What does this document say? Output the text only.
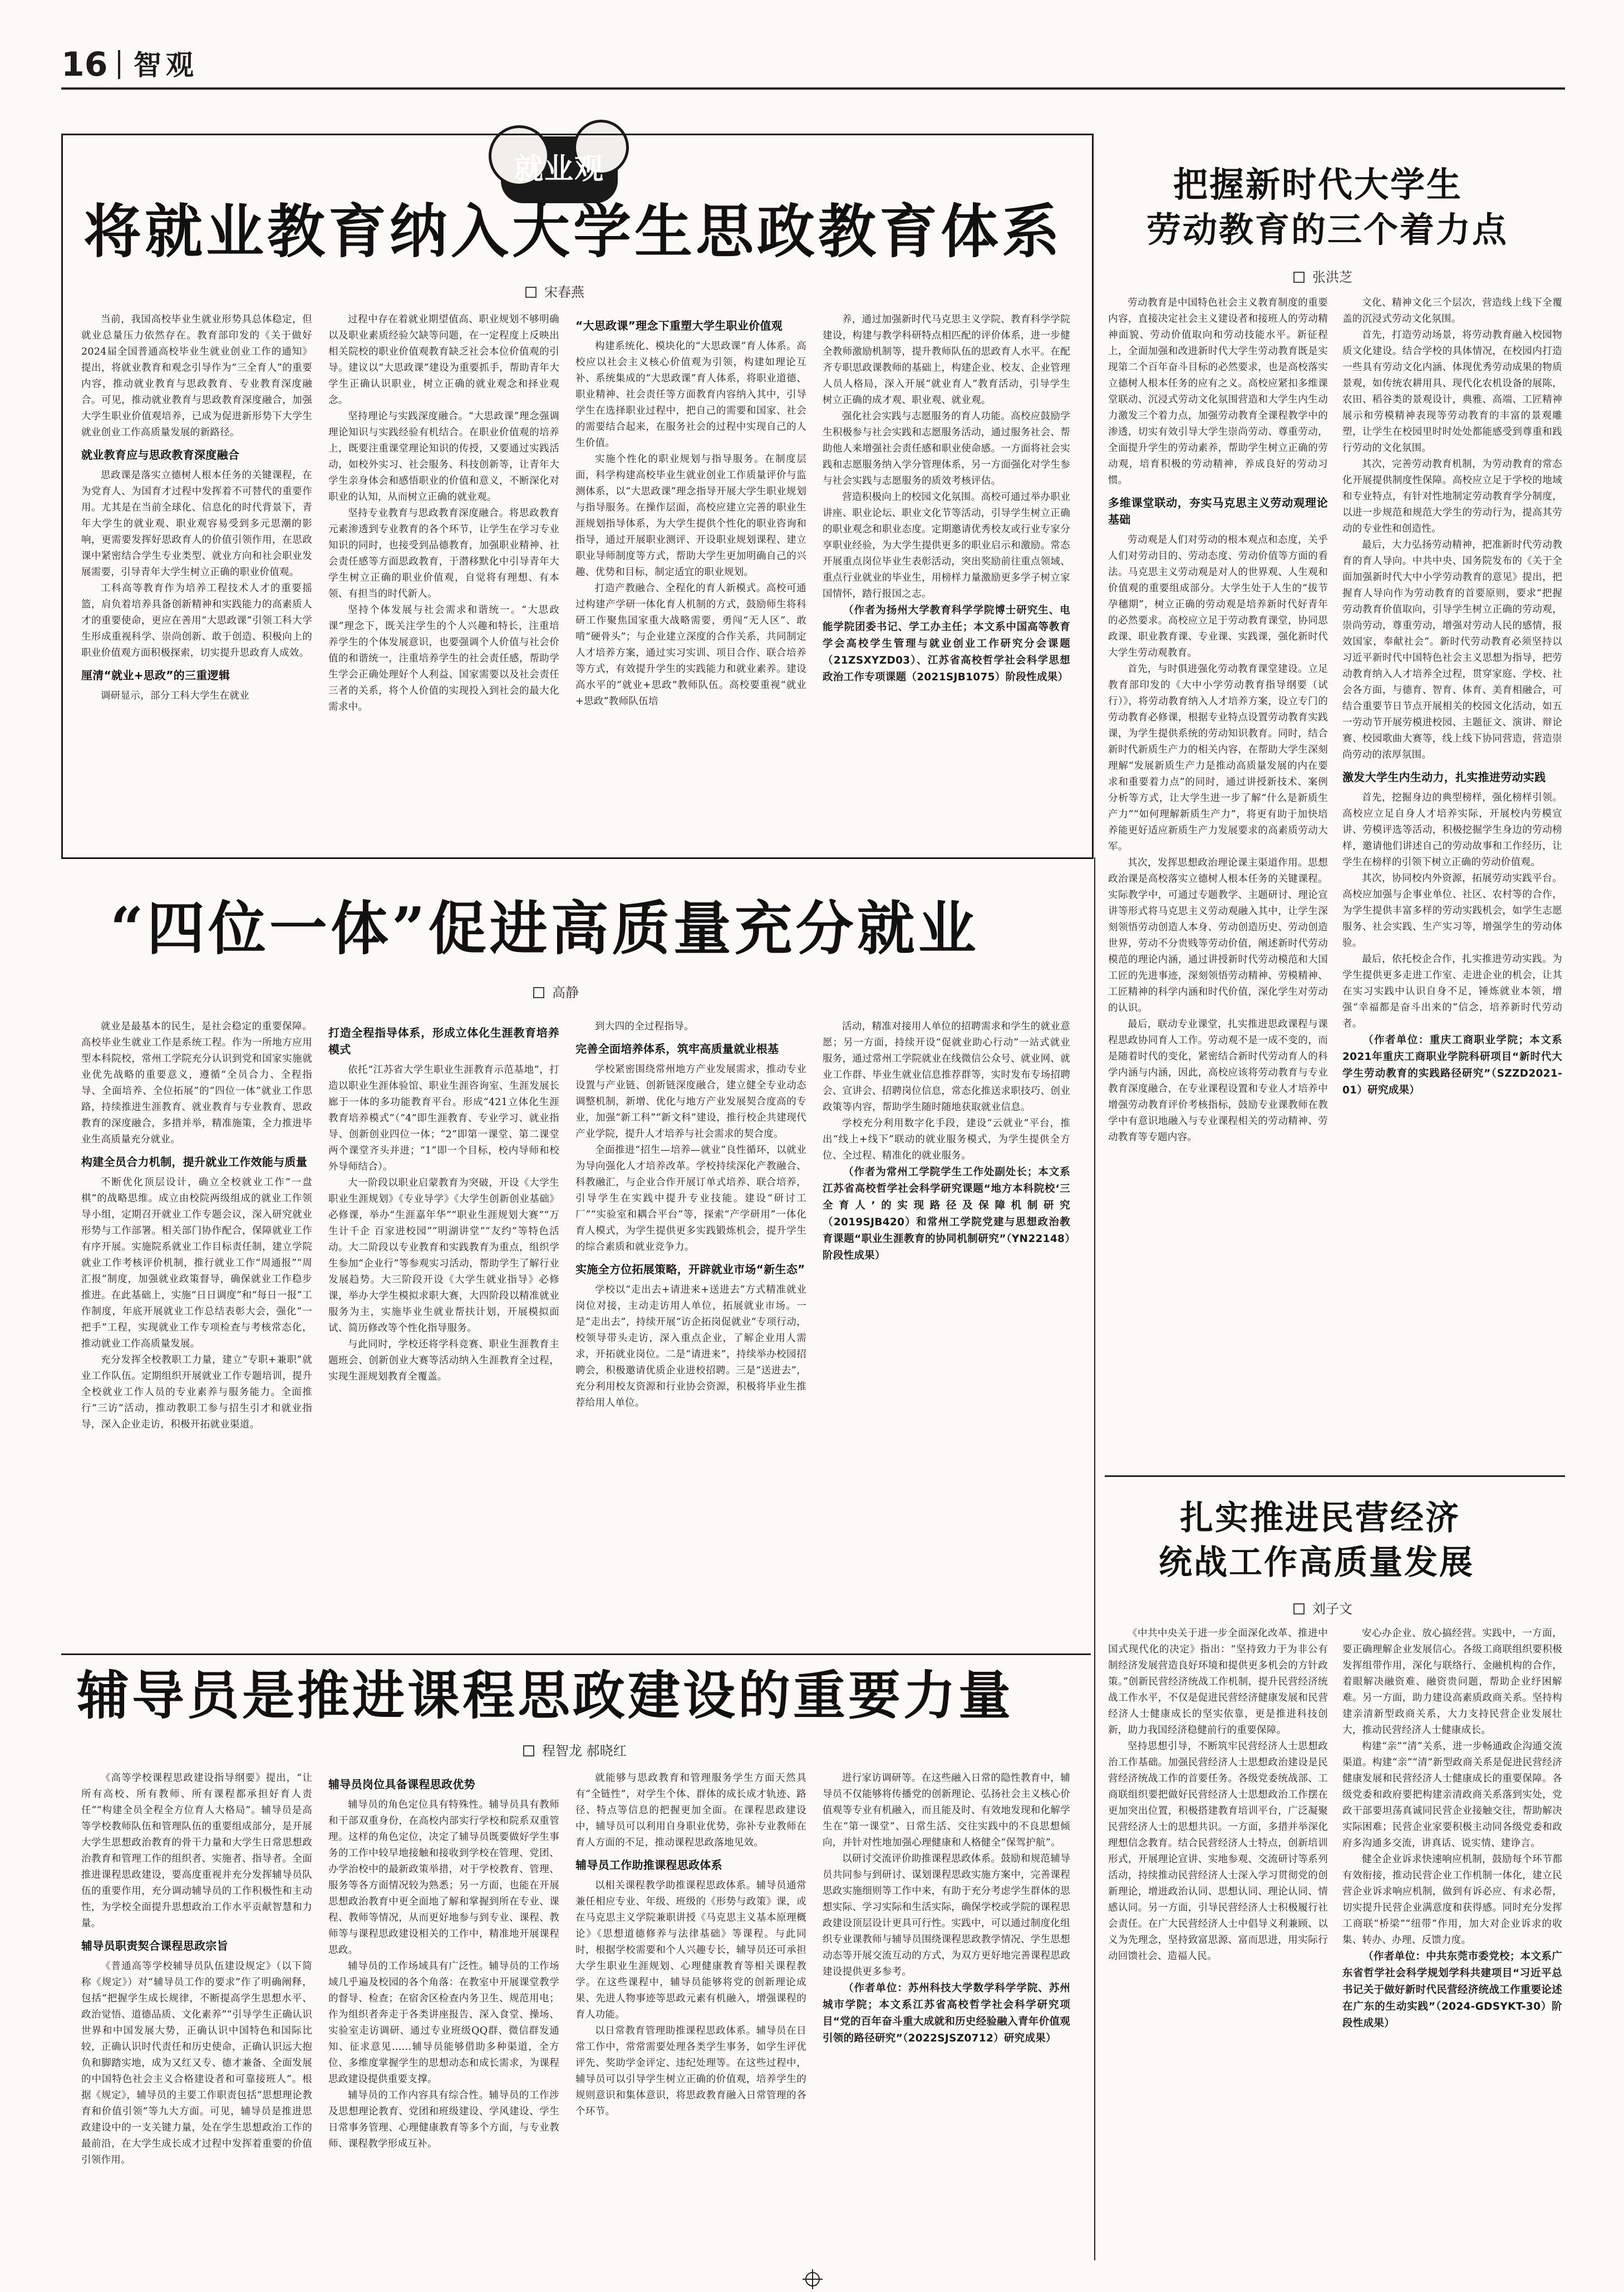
16 智观
就业观
将就业教育纳入大学生思政教育体系
宋春燕

当前，我国高校毕业生就业形势具总体稳定，但就业总量压力依然存在。教育部印发的《关于做好2024届全国普通高校毕业生就业创业工作的通知》提出，将就业教育和观念引导作为“三全育人”的重要内容，推动就业教育与思政教育、专业教育深度融合。可见，推动就业教育与思政教育深度融合，加强大学生职业价值观培养，已成为促进新形势下大学生就业创业工作高质量发展的新路径。

就业教育应与思政教育深度融合

思政课是落实立德树人根本任务的关键课程，在为党育人、为国育才过程中发挥着不可替代的重要作用。尤其是在当前全球化、信息化的时代背景下，青年大学生的就业观、职业观容易受到多元思潮的影响，更需要发挥好思政育人的价值引领作用，在思政课中紧密结合学生专业类型、就业方向和社会职业发展需要，引导青年大学生树立正确的职业价值观。

工科高等教育作为培养工程技术人才的重要摇篮，肩负着培养具备创新精神和实践能力的高素质人才的重要使命，更应在善用“大思政课”引领工科大学生形成重视科学、崇尚创新、敢于创造、积极向上的职业价值观方面积极探索，切实提升思政育人成效。

厘清“就业+思政”的三重逻辑

调研显示，部分工科大学生在就业

过程中存在着就业期望值高、职业规划不够明确以及职业素质经验欠缺等问题，在一定程度上反映出相关院校的职业价值观教育缺乏社会本位价值观的引导。建议以“大思政课”建设为重要抓手，帮助青年大学生正确认识职业，树立正确的就业观念和择业观念。

坚持理论与实践深度融合。“大思政课”理念强调理论知识与实践经验有机结合。在职业价值观的培养上，既要注重课堂理论知识的传授，又要通过实践活动，如校外实习、社会服务、科技创新等，让青年大学生亲身体会和感悟职业的价值和意义，不断深化对职业的认知，从而树立正确的就业观。

坚持专业教育与思政教育深度融合。将思政教育元素渗透到专业教育的各个环节，让学生在学习专业知识的同时，也接受到品德教育，加强职业精神、社会责任感等方面思政教育，于潜移默化中引导青年大学生树立正确的职业价值观，自觉将有理想、有本领、有担当的时代新人。

坚持个体发展与社会需求和谐统一。“大思政课”理念下，既关注学生的个人兴趣和特长，注重培养学生的个体发展意识，也要强调个人价值与社会价值的和谐统一，注重培养学生的社会责任感，帮助学生学会正确处理好个人利益、国家需要以及社会责任三者的关系，将个人价值的实现投入到社会的最大化需求中。

“大思政课”理念下重塑大学生职业价值观

构建系统化、模块化的“大思政课”育人体系。高校应以社会主义核心价值观为引领，构建如理论互补、系统集成的“大思政课”育人体系，将职业道德、职业精神、社会责任等方面教育内容纳入其中，引导学生在选择职业过程中，把自己的需要和国家、社会的需要结合起来，在服务社会的过程中实现自己的人生价值。

实施个性化的职业规划与指导服务。在制度层面，科学构建高校毕业生就业创业工作质量评价与监测体系，以“大思政课”理念指导开展大学生职业规划与指导服务。在操作层面，高校应建立完善的职业生涯规划指导体系，为大学生提供个性化的职业咨询和指导，通过开展职业测评、开设职业规划课程、建立职业导师制度等方式，帮助大学生更加明确自己的兴趣、优势和目标，制定适宜的职业规划。

打造产教融合、全程化的育人新模式。高校可通过构建产学研一体化育人机制的方式，鼓励师生将科研工作聚焦国家重大战略需要，勇闯“无人区”、敢啃“硬骨头”；与企业建立深度的合作关系，共同制定人才培养方案，通过实习实训、项目合作、联合培养等方式，有效提升学生的实践能力和就业素养。建设高水平的“就业+思政”教师队伍。高校要重视“就业+思政”教师队伍培

养，通过加强新时代马克思主义学院、教育科学学院建设，构建与教学科研特点相匹配的评价体系，进一步健全教师激励机制等，提升教师队伍的思政育人水平。在配齐专职思政课教师的基础上，构建企业、校友、企业管理人员人格局，深入开展“就业育人”教育活动，引导学生树立正确的成才观、职业观、就业观。

强化社会实践与志愿服务的育人功能。高校应鼓励学生积极参与社会实践和志愿服务活动，通过服务社会、帮助他人来增强社会责任感和职业使命感。一方面将社会实践和志愿服务纳入学分管理体系，另一方面强化对学生参与社会实践与志愿服务的质效考核评估。

营造积极向上的校园文化氛围。高校可通过举办职业讲座、职业论坛、职业文化节等活动，引导学生树立正确的职业观念和职业态度。定期邀请优秀校友或行业专家分享职业经验，为大学生提供更多的职业启示和激励。常态开展重点岗位毕业生表彰活动，突出奖励前往重点领域、重点行业就业的毕业生，用榜样力量激励更多学子树立家国情怀，踏行报国之志。

（作者为扬州大学教育科学学院博士研究生、电能学院团委书记、学工办主任；本文系中国高等教育学会高校学生管理与就业创业工作研究分会课题（21ZSXYZD03）、江苏省高校哲学社会科学思想政治工作专项课题（2021SJB1075）阶段性成果）

把握新时代大学生
劳动教育的三个着力点
张洪芝

劳动教育是中国特色社会主义教育制度的重要内容，直接决定社会主义建设者和接班人的劳动精神面貌、劳动价值取向和劳动技能水平。新征程上，全面加强和改进新时代大学生劳动教育既是实现第二个百年奋斗目标的必然要求，也是高校落实立德树人根本任务的应有之义。高校应紧扣多维课堂联动、沉浸式劳动文化氛围营造和大学生内生动力激发三个着力点，加强劳动教育全课程教学中的渗透，切实有效引导大学生崇尚劳动、尊重劳动，全面提升学生的劳动素养，帮助学生树立正确的劳动观，培育积极的劳动精神，养成良好的劳动习惯。

多维课堂联动，夯实马克思主义劳动观理论基础

劳动观是人们对劳动的根本观点和态度，关乎人们对劳动目的、劳动态度、劳动价值等方面的看法。马克思主义劳动观是对人的世界观、人生观和价值观的重要组成部分。大学生处于人生的“拔节孕穗期”，树立正确的劳动观是培养新时代好青年的必然要求。高校应立足于劳动教育课堂，协同思政课、职业教育课、专业课、实践课，强化新时代大学生劳动观教育。

首先，与时俱进强化劳动教育课堂建设。立足教育部印发的《大中小学劳动教育指导纲要（试行）》，将劳动教育纳入人才培养方案，设立专门的劳动教育必修课，根据专业特点设置劳动教育实践课，为学生提供系统的劳动知识教育。同时，结合新时代新质生产力的相关内容，在帮助大学生深刻理解“发展新质生产力是推动高质量发展的内在要求和重要着力点”的同时，通过讲授新技术、案例分析等方式，让大学生进一步了解“什么是新质生产力”“如何理解新质生产力”，将更有助于加快培养能更好适应新质生产力发展要求的高素质劳动大军。

其次，发挥思想政治理论课主渠道作用。思想政治课是高校落实立德树人根本任务的关键课程。实际教学中，可通过专题教学、主题研讨、理论宣讲等形式将马克思主义劳动观融入其中，让学生深刻领悟劳动创造人本身、劳动创造历史、劳动创造世界，劳动不分贵贱等劳动价值，阐述新时代劳动模范的理论内涵，通过讲授新时代劳动模范和大国工匠的先进事迹，深刻领悟劳动精神、劳模精神、工匠精神的科学内涵和时代价值，深化学生对劳动的认识。

最后，联动专业课堂，扎实推进思政课程与课程思政协同育人工作。劳动观不是一成不变的，而是随着时代的变化，紧密结合新时代劳动育人的科学内涵与内涵，因此，高校应该将劳动教育与专业教育深度融合，在专业课程设置和专业人才培养中增强劳动教育评价考核指标，鼓励专业课教师在教学中有意识地融入与专业课程相关的劳动精神、劳动教育等专题内容。

文化、精神文化三个层次，营造线上线下全覆盖的沉浸式劳动文化氛围。

首先，打造劳动场景，将劳动教育融入校园物质文化建设。结合学校的具体情况，在校园内打造一些具有劳动文化内涵、体现优秀劳动成果的物质景观，如传统农耕用具、现代化农机设备的展陈，农田、稻谷类的景观设计，典雅、高端、工匠精神展示和劳模精神表现等劳动教育的丰富的景观雕塑，让学生在校园里时时处处都能感受到尊重和践行劳动的文化氛围。

其次，完善劳动教育机制，为劳动教育的常态化开展提供制度性保障。高校应立足于学校的地域和专业特点，有针对性地制定劳动教育学分制度，以进一步规范和规范大学生的劳动行为，提高其劳动的专业性和创造性。

最后，大力弘扬劳动精神，把准新时代劳动教育的育人导向。中共中央、国务院发布的《关于全面加强新时代大中小学劳动教育的意见》提出，把握育人导向作为劳动教育的首要原则，要求“把握劳动教育价值取向，引导学生树立正确的劳动观，崇尚劳动，尊重劳动，增强对劳动人民的感情，报效国家，奉献社会”。新时代劳动教育必须坚持以习近平新时代中国特色社会主义思想为指导，把劳动教育纳入人才培养全过程，贯穿家庭、学校、社会各方面，与德育、智育、体育、美育相融合，可结合重要节日节点开展相关的校园文化活动，如五一劳动节开展劳模进校园、主题征文、演讲、辩论赛、校园歌曲大赛等，线上线下协同营造，营造崇尚劳动的浓厚氛围。

激发大学生内生动力，扎实推进劳动实践

首先，挖掘身边的典型榜样，强化榜样引领。高校应立足自身人才培养实际，开展校内劳模宣讲、劳模评选等活动，积极挖掘学生身边的劳动榜样，邀请他们讲述自己的劳动故事和工作经历，让学生在榜样的引领下树立正确的劳动价值观。

其次，协同校内外资源，拓展劳动实践平台。高校应加强与企事业单位、社区、农村等的合作，为学生提供丰富多样的劳动实践机会，如学生志愿服务、社会实践、生产实习等，增强学生的劳动体验。

最后，依托校企合作，扎实推进劳动实践。为学生提供更多走进工作室、走进企业的机会，让其在实习实践中认识自身不足，锤炼就业本领，增强“幸福都是奋斗出来的”信念，培养新时代劳动者。

（作者单位：重庆工商职业学院；本文系2021年重庆工商职业学院科研项目“新时代大学生劳动教育的实践路径研究”（SZZD2021-01）研究成果）

“四位一体”促进高质量充分就业
高静

就业是最基本的民生，是社会稳定的重要保障。高校毕业生就业工作是系统工程。作为一所地方应用型本科院校，常州工学院充分认识到党和国家实施就业优先战略的重要意义，遵循“全员合力、全程指导、全面培养、全位拓展”的“四位一体”就业工作思路，持续推进生涯教育、就业教育与专业教育、思政教育的深度融合，多措并举，精准施策，全力推进毕业生高质量充分就业。

构建全员合力机制，提升就业工作效能与质量

不断优化顶层设计，确立全校就业工作“一盘棋”的战略思维。成立由校院两级组成的就业工作领导小组，定期召开就业工作专题会议，深入研究就业形势与工作部署。相关部门协作配合，保障就业工作有序开展。实施院系就业工作目标责任制，建立学院就业工作考核评价机制，推行就业工作“周通报”“周汇报”制度，加强就业政策督导，确保就业工作稳步推进。在此基础上，实施“日日调度”和“每日一报”工作制度，年底开展就业工作总结表彰大会，强化“一把手”工程，实现就业工作专项检查与考核常态化，推动就业工作高质量发展。

充分发挥全校教职工力量，建立“专职+兼职”就业工作队伍。定期组织开展就业工作专题培训，提升全校就业工作人员的专业素养与服务能力。全面推行“三访”活动，推动教职工参与招生引才和就业指导，深入企业走访，积极开拓就业渠道。

打造全程指导体系，形成立体化生涯教育培养模式

依托“江苏省大学生职业生涯教育示范基地”，打造以职业生涯体验馆、职业生涯咨询室、生涯发展长廊于一体的多功能教育平台。形成“421立体化生涯教育培养模式”（“4”即生涯教育、专业学习、就业指导、创新创业四位一体；“2”即第一课堂、第二课堂两个课堂齐头并进；“1”即一个目标，校内导师和校外导师结合）。

大一阶段以职业启蒙教育为突破，开设《大学生职业生涯规划》《专业导学》《大学生创新创业基础》必修课，举办“生涯嘉年华”“职业生涯规划大赛”“万生计千企 百家进校园”“明湖讲堂”“友约”等特色活动。大二阶段以专业教育和实践教育为重点，组织学生参加“企业行”等参观实习活动，帮助学生了解行业发展趋势。大三阶段开设《大学生就业指导》必修课，举办大学生模拟求职大赛，大四阶段以精准就业服务为主，实施毕业生就业帮扶计划，开展模拟面试、简历修改等个性化指导服务。

与此同时，学校还将学科竞赛、职业生涯教育主题班会、创新创业大赛等活动纳入生涯教育全过程，实现生涯规划教育全覆盖。

到大四的全过程指导。

完善全面培养体系，筑牢高质量就业根基

学校紧密围绕常州地方产业发展需求，推动专业设置与产业链、创新链深度融合，建立健全专业动态调整机制，新增、优化与地方产业发展契合度高的专业，加强“新工科”“新文科”建设，推行校企共建现代产业学院，提升人才培养与社会需求的契合度。

全面推进“招生—培养—就业”良性循环，以就业为导向强化人才培养改革。学校持续深化产教融合、科教融汇，与企业合作开展订单式培养、联合培养，引导学生在实践中提升专业技能。建设“研讨工厂”“实验室和耦合平台”等，探索“产学研用”一体化育人模式，为学生提供更多实践锻炼机会，提升学生的综合素质和就业竞争力。

实施全方位拓展策略，开辟就业市场“新生态”

学校以“走出去+请进来+送进去”方式精准就业岗位对接，主动走访用人单位，拓展就业市场。一是“走出去”，持续开展“访企拓岗促就业”专项行动，校领导带头走访，深入重点企业，了解企业用人需求，开拓就业岗位。二是“请进来”，持续举办校园招聘会，积极邀请优质企业进校招聘。三是“送进去”，充分利用校友资源和行业协会资源，积极将毕业生推荐给用人单位。

活动，精准对接用人单位的招聘需求和学生的就业意愿；另一方面，持续开设“促就业助心行动”一站式就业服务，通过常州工学院就业在线微信公众号、就业网、就业工作群、毕业生就业信息推荐群等，实时发布专场招聘会、宣讲会、招聘岗位信息，常态化推送求职技巧、创业政策等内容，帮助学生随时随地获取就业信息。

学校充分利用数字化手段，建设“云就业”平台，推出“线上+线下”联动的就业服务模式，为学生提供全方位、全过程、精准化的就业服务。

（作者为常州工学院学生工作处副处长；本文系江苏省高校哲学社会科学研究课题“地方本科院校‘三全育人’的实现路径及保障机制研究（2019SJB420）和常州工学院党建与思想政治教育课题“职业生涯教育的协同机制研究”（YN22148）阶段性成果）

辅导员是推进课程思政建设的重要力量
程智龙 郝晓红

《高等学校课程思政建设指导纲要》提出，“让所有高校、所有教师、所有课程都承担好育人责任”“构建全员全程全方位育人大格局”。辅导员是高等学校教师队伍和管理队伍的重要组成部分，是开展大学生思想政治教育的骨干力量和大学生日常思想政治教育和管理工作的组织者、实施者、指导者。全面推进课程思政建设，要高度重视并充分发挥辅导员队伍的重要作用，充分调动辅导员的工作积极性和主动性，为学校全面提升思想政治工作水平贡献智慧和力量。

辅导员职责契合课程思政宗旨

《普通高等学校辅导员队伍建设规定》（以下简称《规定》）对“辅导员工作的要求”作了明确阐释，包括“把握学生成长规律，不断提高学生思想水平、政治觉悟、道德品质、文化素养”“引导学生正确认识世界和中国发展大势，正确认识中国特色和国际比较，正确认识时代责任和历史使命，正确认识远大抱负和脚踏实地，成为又红又专、德才兼备、全面发展的中国特色社会主义合格建设者和可靠接班人”。根据《规定》，辅导员的主要工作职责包括“思想理论教育和价值引领”等九大方面。可见，辅导员是推进思政建设中的一支关键力量，处在学生思想政治工作的最前沿，在大学生成长成才过程中发挥着重要的价值引领作用。

辅导员岗位具备课程思政优势

辅导员的角色定位具有特殊性。辅导员具有教师和干部双重身份，在高校内部实行学校和院系双重管理。这样的角色定位，决定了辅导员既要做好学生事务的工作中较早地接触和接收到学校在管理、党团、办学治校中的最新政策举措，对于学校教育、管理、服务等各方面情况较为熟悉；另一方面，也能在开展思想政治教育中更全面地了解和掌握到所在专业、课程、教师等情况，从而更好地参与到专业、课程、教师等与课程思政建设相关的工作中，精准地开展课程思政。

辅导员的工作场域具有广泛性。辅导员的工作场域几乎遍及校园的各个角落：在教室中开展课堂教学的督导、检查；在宿舍区检查内务卫生、规范用电；作为组织者奔走于各类讲座报告、深入食堂、操场、实验室走访调研、通过专业班级QQ群、微信群发通知、征求意见……辅导员能够借助多种渠道，全方位、多维度掌握学生的思想动态和成长需求，为课程思政建设提供重要支撑。

辅导员的工作内容具有综合性。辅导员的工作涉及思想理论教育、党团和班级建设、学风建设、学生日常事务管理、心理健康教育等多个方面，与专业教师、课程教学形成互补。

就能够与思政教育和管理服务学生方面天然具有“全链性”，对学生个体、群体的成长成才轨迹、路径、特点等信息的把握更加全面。在课程思政建设中，辅导员可以利用自身职业优势，弥补专业教师在育人方面的不足，推动课程思政落地见效。

辅导员工作助推课程思政体系

以相关课程教学助推课程思政体系。辅导员通常兼任相应专业、年级、班级的《形势与政策》课，或在马克思主义学院兼职讲授《马克思主义基本原理概论》《思想道德修养与法律基础》等课程。与此同时，根据学校需要和个人兴趣专长，辅导员还可承担大学生职业生涯规划、心理健康教育等相关课程教学。在这些课程中，辅导员能够将党的创新理论成果、先进人物事迹等思政元素有机融入，增强课程的育人功能。

以日常教育管理助推课程思政体系。辅导员在日常工作中，常常需要处理各类学生事务，如学生评优评先、奖助学金评定、违纪处理等。在这些过程中，辅导员可以引导学生树立正确的价值观，培养学生的规则意识和集体意识，将思政教育融入日常管理的各个环节。

进行家访调研等。在这些融入日常的隐性教育中，辅导员不仅能够将传播党的创新理论、弘扬社会主义核心价值观等专业有机融入，而且能及时、有效地发现和化解学生在“第一课堂”、日常生活、交往实践中的不良思想倾向，并针对性地加强心理健康和人格健全“保驾护航”。

以研讨交流评价助推课程思政体系。鼓励和规范辅导员共同参与到研讨、谋划课程思政实施方案中，完善课程思政实施细则等工作中来，有助于充分考虑学生群体的思想实际、学习实际和生活实际，确保学校或学院的课程思政建设顶层设计更具可行性。实践中，可以通过制度化组织专业课教师与辅导员围绕课程思政教学情况、学生思想动态等开展交流互动的方式，为双方更好地完善课程思政建设提供更多参考。

（作者单位：苏州科技大学数学科学学院、苏州城市学院；本文系江苏省高校哲学社会科学研究项目“党的百年奋斗重大成就和历史经验融入青年价值观引领的路径研究”（2022SJSZ0712）研究成果）

扎实推进民营经济
统战工作高质量发展
刘子文

《中共中央关于进一步全面深化改革、推进中国式现代化的决定》指出：“坚持致力于为非公有制经济发展营造良好环境和提供更多机会的方针政策。”创新民营经济统战工作机制，提升民营经济统战工作水平，不仅是促进民营经济健康发展和民营经济人士健康成长的坚实依靠，更是推进科技创新，助力我国经济稳健前行的重要保障。

坚持思想引导，不断筑牢民营经济人士思想政治工作基础。加强民营经济人士思想政治建设是民营经济统战工作的首要任务。各级党委统战部、工商联组织要把做好民营经济人士思想政治工作摆在更加突出位置，积极搭建教育培训平台，广泛凝聚民营经济人士的思想共识。一方面，多措并举深化理想信念教育。结合民营经济人士特点，创新培训形式，开展理论宣讲、实地参观、交流研讨等系列活动，持续推动民营经济人士深入学习贯彻党的创新理论，增进政治认同、思想认同、理论认同、情感认同。另一方面，引导民营经济人士积极履行社会责任。在广大民营经济人士中倡导义利兼顾、以义为先理念，坚持致富思源、富而思进，用实际行动回馈社会、造福人民。

安心办企业、放心搞经营。实践中，一方面，要正确理解企业发展信心。各级工商联组织要积极发挥组带作用，深化与联络行、金融机构的合作，着眼解决融资难、融资贵问题，帮助企业纾困解难。另一方面，助力建设高素质政商关系。坚持构建亲清新型政商关系，大力支持民营企业发展壮大，推动民营经济人士健康成长。

构建“亲”“清”关系，进一步畅通政企沟通交流渠道。构建“亲”“清”新型政商关系是促进民营经济健康发展和民营经济人士健康成长的重要保障。各级党委和政府要把构建亲清政商关系落到实处，党政干部要坦荡真诚同民营企业接触交往，帮助解决实际困难；民营企业家要积极主动同各级党委和政府多沟通多交流，讲真话、说实情、建诤言。

健全企业诉求快速响应机制，鼓励每个环节都有效衔接，推动民营企业工作机制一体化，建立民营企业诉求响应机制，做到有诉必应、有求必帮，切实提升民营企业满意度和获得感。同时充分发挥工商联“桥梁”“纽带”作用，加大对企业诉求的收集、转办、办理、反馈力度。

（作者单位：中共东莞市委党校；本文系广东省哲学社会科学规划学科共建项目“习近平总书记关于做好新时代民营经济统战工作重要论述在广东的生动实践”（2024-GDSYKT-30）阶段性成果）
